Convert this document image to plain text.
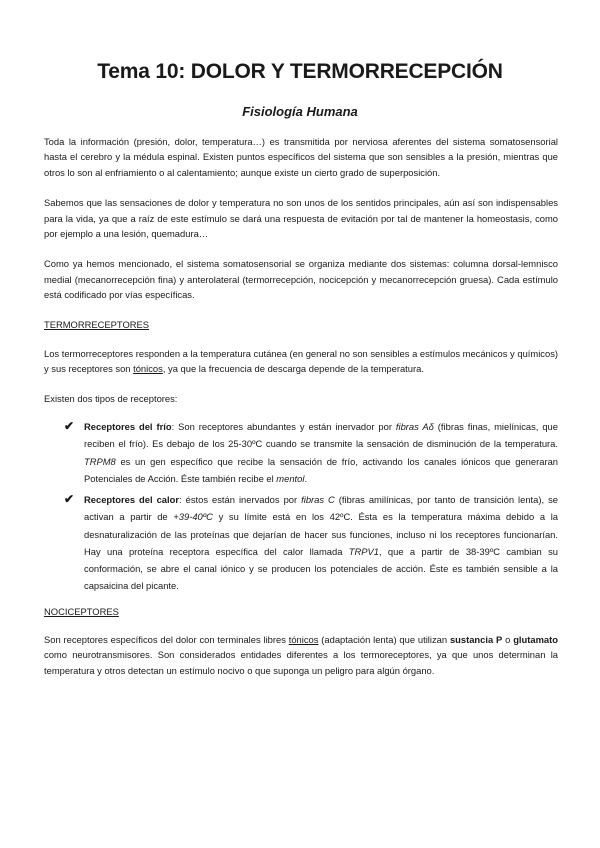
Tema 10: DOLOR Y TERMORRECEPCIÓN
Fisiología Humana

Toda la información (presión, dolor, temperatura…) es transmitida por nerviosa aferentes del sistema somatosensorial hasta el cerebro y la médula espinal. Existen puntos específicos del sistema que son sensibles a la presión, mientras que otros lo son al enfriamiento o al calentamiento; aunque existe un cierto grado de superposición.

Sabemos que las sensaciones de dolor y temperatura no son unos de los sentidos principales, aún así son indispensables para la vida, ya que a raíz de este estímulo se dará una respuesta de evitación por tal de mantener la homeostasis, como por ejemplo a una lesión, quemadura…

Como ya hemos mencionado, el sistema somatosensorial se organiza mediante dos sistemas: columna dorsal-lemnisco medial (mecanorrecepción fina) y anterolateral (termorrecepción, nocicepción y mecanorrecepción gruesa). Cada estímulo está codificado por vías específicas.

TERMORRECEPTORES

Los termorreceptores responden a la temperatura cutánea (en general no son sensibles a estímulos mecánicos y químicos) y sus receptores son tónicos, ya que la frecuencia de descarga depende de la temperatura.

Existen dos tipos de receptores:

✔ Receptores del frío: Son receptores abundantes y están inervador por fibras Aδ (fibras finas, mielínicas, que reciben el frío). Es debajo de los 25-30ºC cuando se transmite la sensación de disminución de la temperatura. TRPM8 es un gen específico que recibe la sensación de frío, activando los canales iónicos que generaran Potenciales de Acción. Éste también recibe el mentol.
✔ Receptores del calor: éstos están inervados por fibras C (fibras amilínicas, por tanto de transición lenta), se activan a partir de +39-40ºC y su límite está en los 42ºC. Ésta es la temperatura máxima debido a la desnaturalización de las proteínas que dejarían de hacer sus funciones, incluso ni los receptores funcionarían. Hay una proteína receptora específica del calor llamada TRPV1, que a partir de 38-39ºC cambian su conformación, se abre el canal iónico y se producen los potenciales de acción. Éste es también sensible a la capsaicina del picante.
NOCICEPTORES

Son receptores específicos del dolor con terminales libres tónicos (adaptación lenta) que utilizan sustancia P o glutamato como neurotransmisores. Son considerados entidades diferentes a los termoreceptores, ya que unos determinan la temperatura y otros detectan un estímulo nocivo o que suponga un peligro para algún órgano.
